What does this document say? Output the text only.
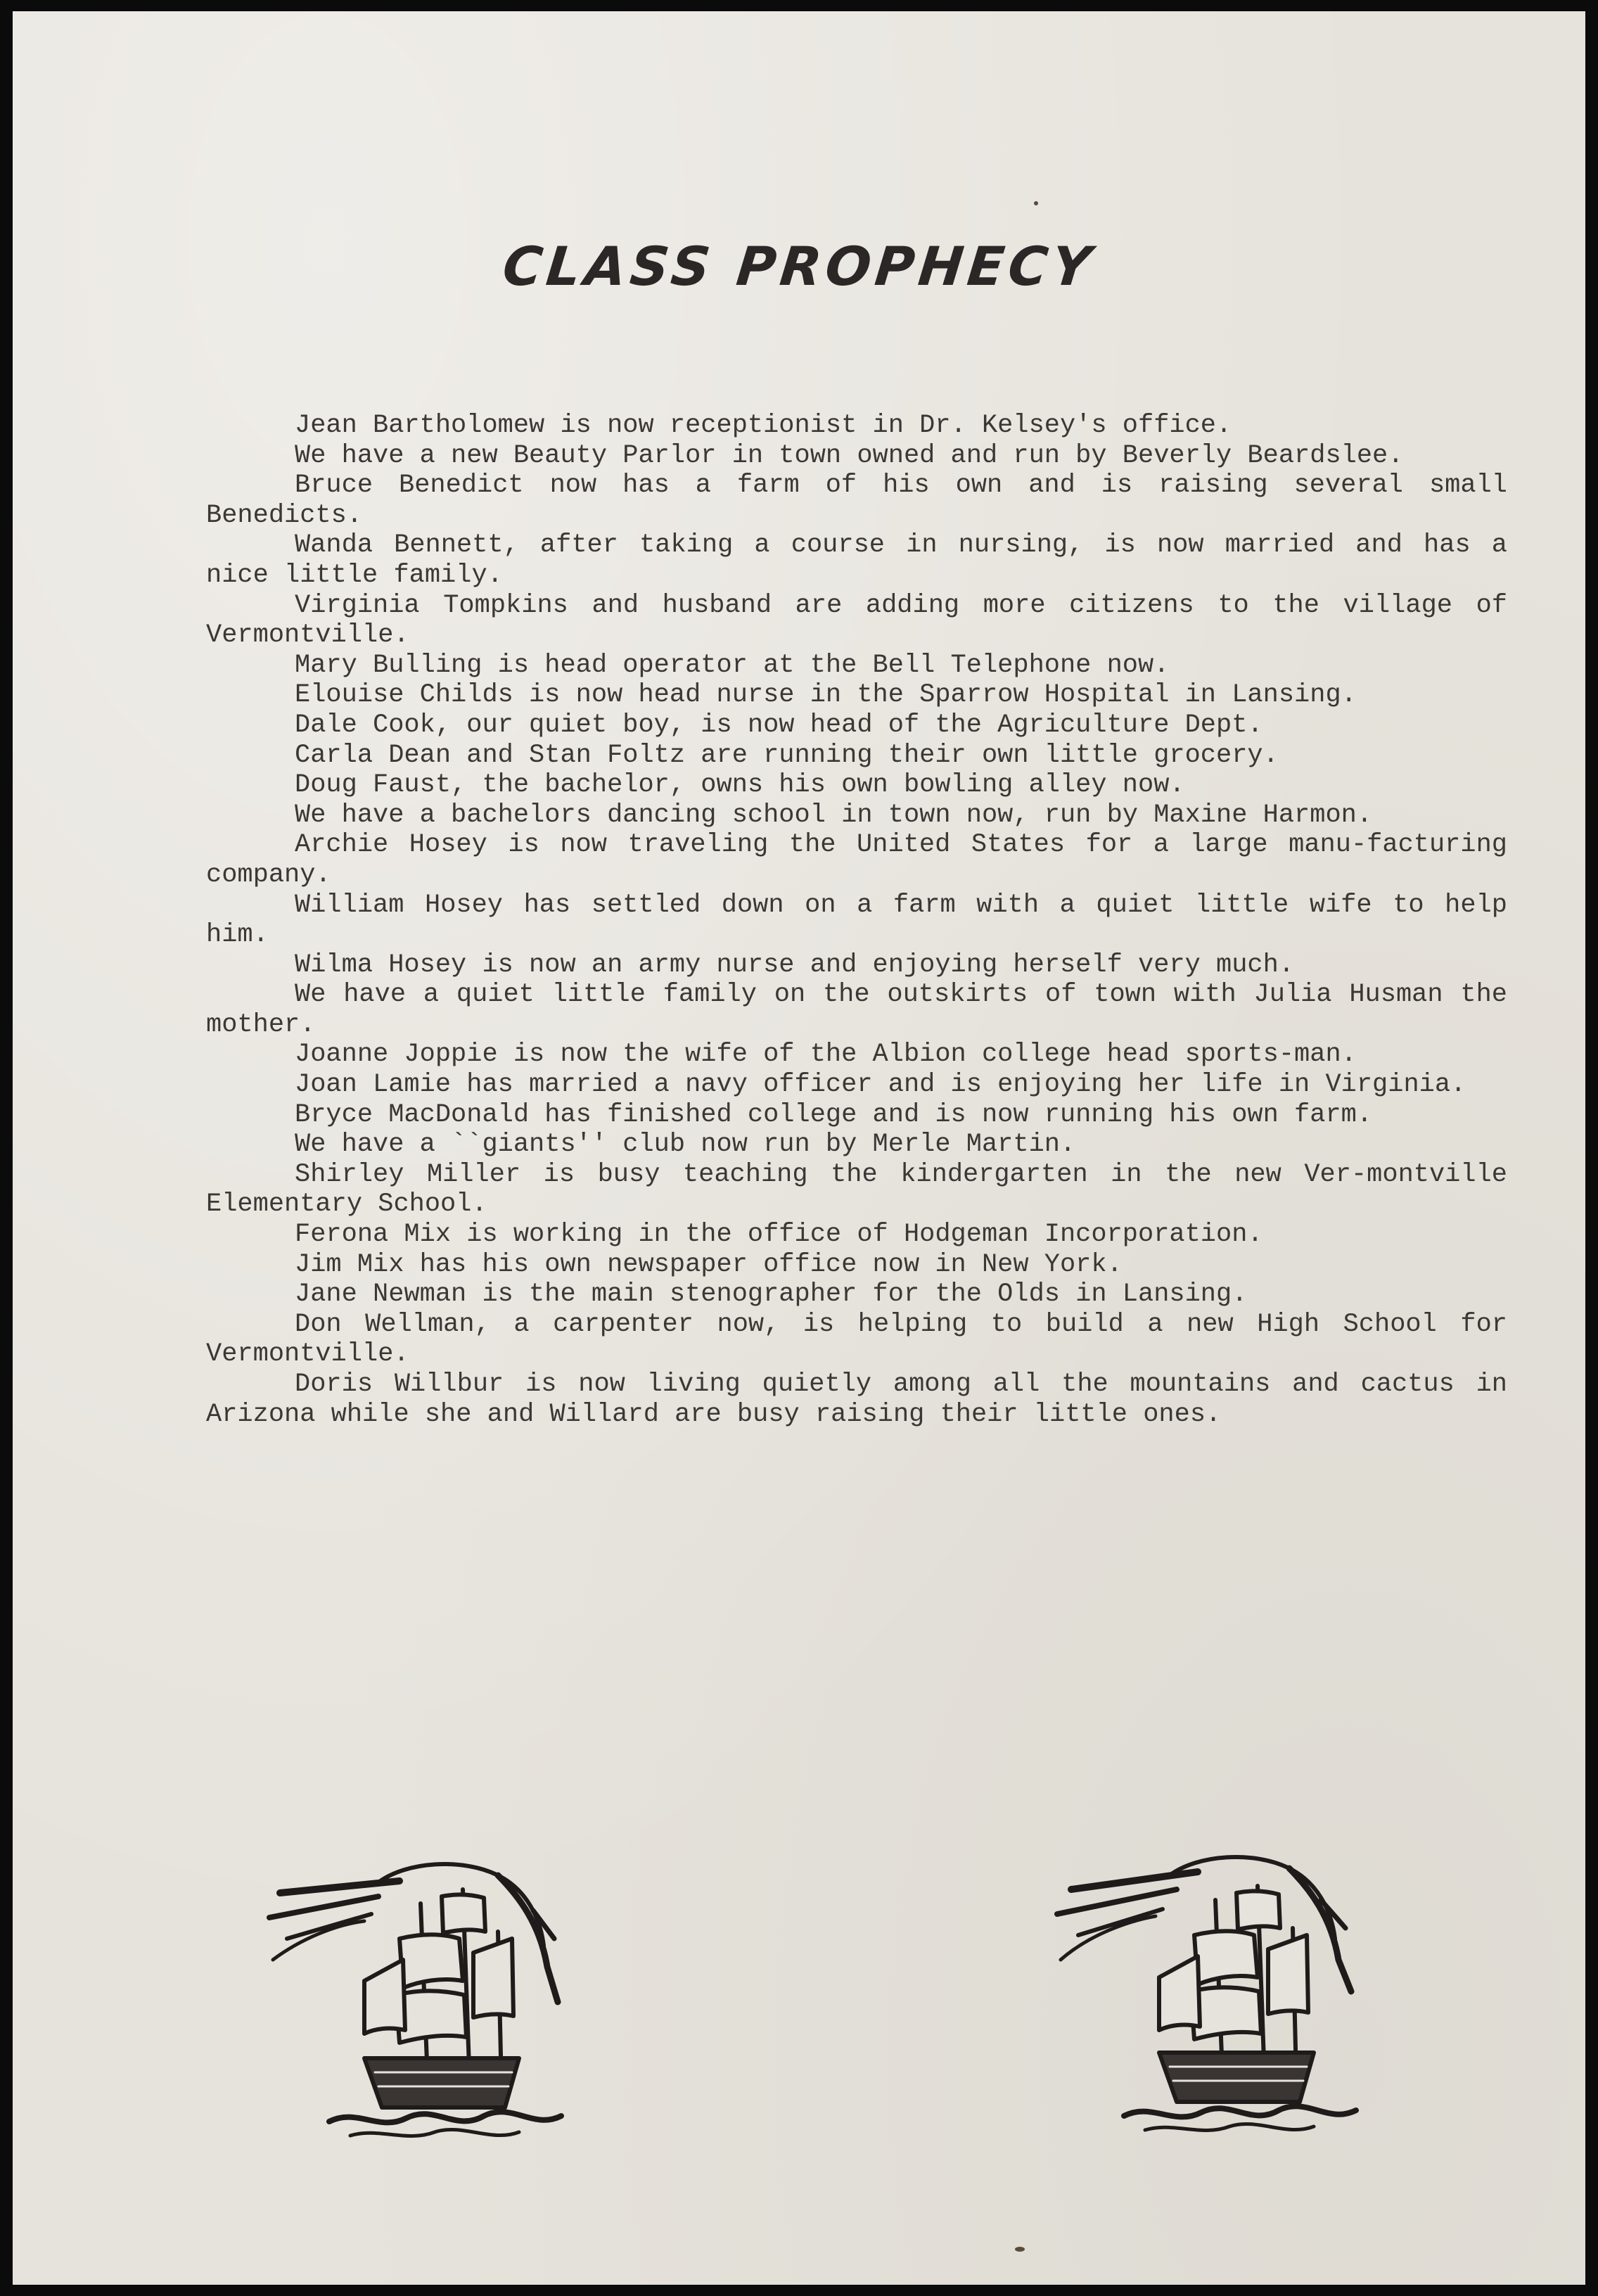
CLASS PROPHECY

Jean Bartholomew is now receptionist in Dr. Kelsey's office.

We have a new Beauty Parlor in town owned and run by Beverly Beardslee.

Bruce Benedict now has a farm of his own and is raising several small Benedicts.

Wanda Bennett, after taking a course in nursing, is now married and has a nice little family.

Virginia Tompkins and husband are adding more citizens to the village of Vermontville.

Mary Bulling is head operator at the Bell Telephone now.

Elouise Childs is now head nurse in the Sparrow Hospital in Lansing.

Dale Cook, our quiet boy, is now head of the Agriculture Dept.

Carla Dean and Stan Foltz are running their own little grocery.

Doug Faust, the bachelor, owns his own bowling alley now.

We have a bachelors dancing school in town now, run by Maxine Harmon.

Archie Hosey is now traveling the United States for a large manu-facturing company.

William Hosey has settled down on a farm with a quiet little wife to help him.

Wilma Hosey is now an army nurse and enjoying herself very much.

We have a quiet little family on the outskirts of town with Julia Husman the mother.

Joanne Joppie is now the wife of the Albion college head sports-man.

Joan Lamie has married a navy officer and is enjoying her life in Virginia.

Bryce MacDonald has finished college and is now running his own farm.

We have a ``giants'' club now run by Merle Martin.

Shirley Miller is busy teaching the kindergarten in the new Ver-montville Elementary School.

Ferona Mix is working in the office of Hodgeman Incorporation.

Jim Mix has his own newspaper office now in New York.

Jane Newman is the main stenographer for the Olds in Lansing.

Don Wellman, a carpenter now, is helping to build a new High School for Vermontville.

Doris Willbur is now living quietly among all the mountains and cactus in Arizona while she and Willard are busy raising their little ones.
